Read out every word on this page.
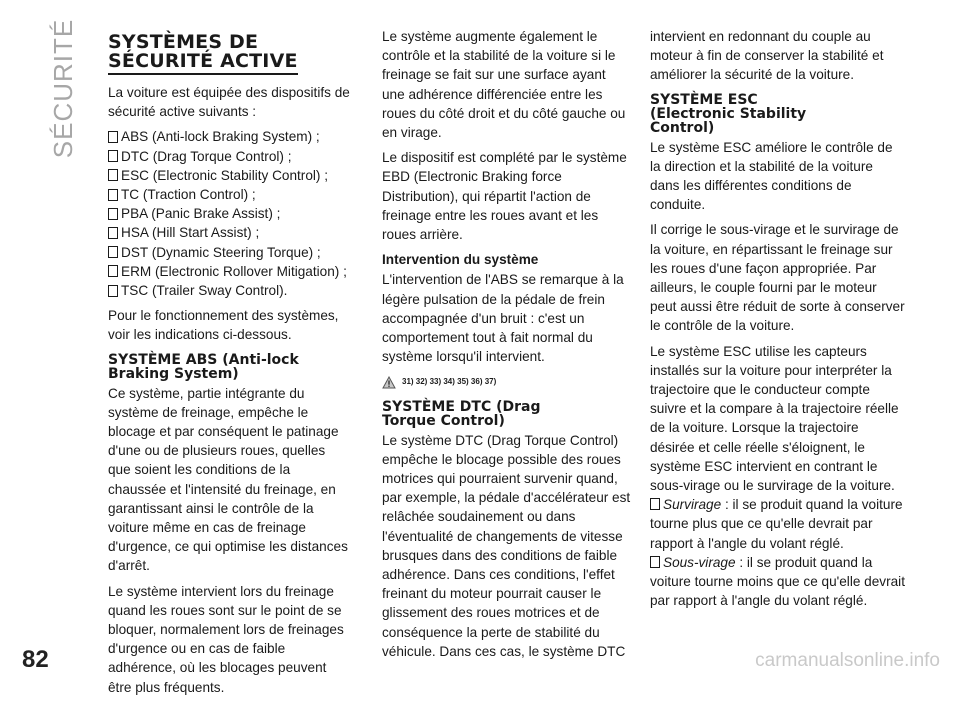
SÉCURITÉ SYSTÈMES DE
SÉCURITÉ ACTIVE

La voiture est équipée des dispositifs de sécurité active suivants :

ABS (Anti-lock Braking System) ;
DTC (Drag Torque Control) ;
ESC (Electronic Stability Control) ;
TC (Traction Control) ;
PBA (Panic Brake Assist) ;
HSA (Hill Start Assist) ;
DST (Dynamic Steering Torque) ;
ERM (Electronic Rollover Mitigation) ;
TSC (Trailer Sway Control).

Pour le fonctionnement des systèmes, voir les indications ci-dessous.

SYSTÈME ABS (Anti-lock
Braking System)

Ce système, partie intégrante du système de freinage, empêche le blocage et par conséquent le patinage d'une ou de plusieurs roues, quelles que soient les conditions de la chaussée et l'intensité du freinage, en garantissant ainsi le contrôle de la voiture même en cas de freinage d'urgence, ce qui optimise les distances d'arrêt.

Le système intervient lors du freinage quand les roues sont sur le point de se bloquer, normalement lors de freinages d'urgence ou en cas de faible adhérence, où les blocages peuvent être plus fréquents.

Le système augmente également le contrôle et la stabilité de la voiture si le freinage se fait sur une surface ayant une adhérence différenciée entre les roues du côté droit et du côté gauche ou en virage.

Le dispositif est complété par le système EBD (Electronic Braking force Distribution), qui répartit l'action de freinage entre les roues avant et les roues arrière.

Intervention du système

L'intervention de l'ABS se remarque à la légère pulsation de la pédale de frein accompagnée d'un bruit : c'est un comportement tout à fait normal du système lorsqu'il intervient.

31) 32) 33) 34) 35) 36) 37)
SYSTÈME DTC (Drag
Torque Control)

Le système DTC (Drag Torque Control) empêche le blocage possible des roues motrices qui pourraient survenir quand, par exemple, la pédale d'accélérateur est relâchée soudainement ou dans l'éventualité de changements de vitesse brusques dans des conditions de faible adhérence. Dans ces conditions, l'effet freinant du moteur pourrait causer le glissement des roues motrices et de conséquence la perte de stabilité du véhicule. Dans ces cas, le système DTC

intervient en redonnant du couple au moteur à fin de conserver la stabilité et améliorer la sécurité de la voiture.

SYSTÈME ESC
(Electronic Stability
Control)

Le système ESC améliore le contrôle de la direction et la stabilité de la voiture dans les différentes conditions de conduite.

Il corrige le sous-virage et le survirage de la voiture, en répartissant le freinage sur les roues d'une façon appropriée. Par ailleurs, le couple fourni par le moteur peut aussi être réduit de sorte à conserver le contrôle de la voiture.

Le système ESC utilise les capteurs installés sur la voiture pour interpréter la trajectoire que le conducteur compte suivre et la compare à la trajectoire réelle de la voiture. Lorsque la trajectoire désirée et celle réelle s'éloignent, le système ESC intervient en contrant le sous-virage ou le survirage de la voiture.

Survirage : il se produit quand la voiture tourne plus que ce qu'elle devrait par rapport à l'angle du volant réglé.
Sous-virage : il se produit quand la voiture tourne moins que ce qu'elle devrait par rapport à l'angle du volant réglé.
82	carmanualsonline.info
